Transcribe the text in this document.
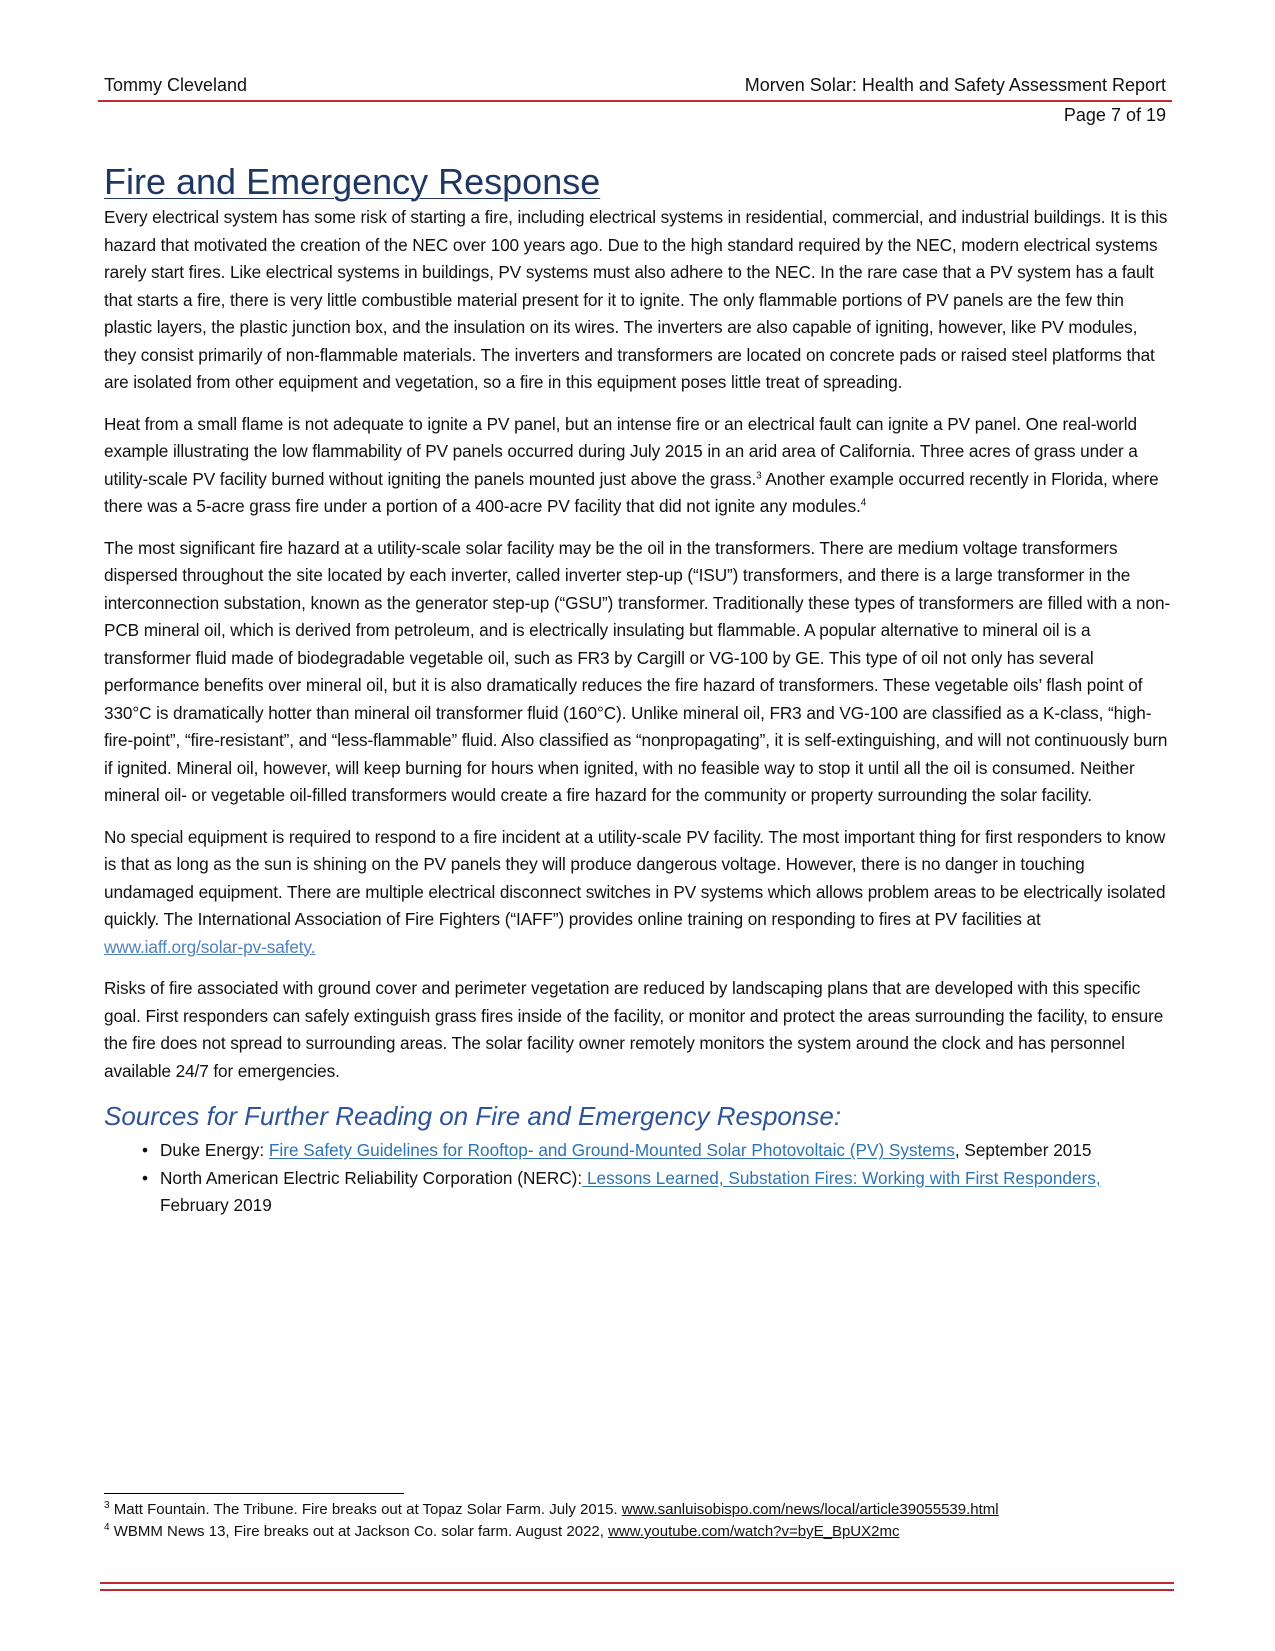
Tommy Cleveland	Morven Solar: Health and Safety Assessment Report
Page 7 of 19
Fire and Emergency Response

Every electrical system has some risk of starting a fire, including electrical systems in residential, commercial, and industrial buildings. It is this hazard that motivated the creation of the NEC over 100 years ago. Due to the high standard required by the NEC, modern electrical systems rarely start fires. Like electrical systems in buildings, PV systems must also adhere to the NEC. In the rare case that a PV system has a fault that starts a fire, there is very little combustible material present for it to ignite. The only flammable portions of PV panels are the few thin plastic layers, the plastic junction box, and the insulation on its wires. The inverters are also capable of igniting, however, like PV modules, they consist primarily of non-flammable materials. The inverters and transformers are located on concrete pads or raised steel platforms that are isolated from other equipment and vegetation, so a fire in this equipment poses little treat of spreading.

Heat from a small flame is not adequate to ignite a PV panel, but an intense fire or an electrical fault can ignite a PV panel. One real-world example illustrating the low flammability of PV panels occurred during July 2015 in an arid area of California. Three acres of grass under a utility-scale PV facility burned without igniting the panels mounted just above the grass.$^3$ Another example occurred recently in Florida, where there was a 5-acre grass fire under a portion of a 400-acre PV facility that did not ignite any modules.$^4$

The most significant fire hazard at a utility-scale solar facility may be the oil in the transformers. There are medium voltage transformers dispersed throughout the site located by each inverter, called inverter step-up (“ISU”) transformers, and there is a large transformer in the interconnection substation, known as the generator step-up (“GSU”) transformer. Traditionally these types of transformers are filled with a non-PCB mineral oil, which is derived from petroleum, and is electrically insulating but flammable. A popular alternative to mineral oil is a transformer fluid made of biodegradable vegetable oil, such as FR3 by Cargill or VG-100 by GE. This type of oil not only has several performance benefits over mineral oil, but it is also dramatically reduces the fire hazard of transformers. These vegetable oils’ flash point of 330°C is dramatically hotter than mineral oil transformer fluid (160°C). Unlike mineral oil, FR3 and VG-100 are classified as a K-class, “high-fire-point”, “fire-resistant”, and “less-flammable” fluid. Also classified as “nonpropagating”, it is self-extinguishing, and will not continuously burn if ignited. Mineral oil, however, will keep burning for hours when ignited, with no feasible way to stop it until all the oil is consumed. Neither mineral oil- or vegetable oil-filled transformers would create a fire hazard for the community or property surrounding the solar facility.

No special equipment is required to respond to a fire incident at a utility-scale PV facility. The most important thing for first responders to know is that as long as the sun is shining on the PV panels they will produce dangerous voltage. However, there is no danger in touching undamaged equipment. There are multiple electrical disconnect switches in PV systems which allows problem areas to be electrically isolated quickly. The International Association of Fire Fighters (“IAFF”) provides online training on responding to fires at PV facilities at www.iaff.org/solar-pv-safety.

Risks of fire associated with ground cover and perimeter vegetation are reduced by landscaping plans that are developed with this specific goal. First responders can safely extinguish grass fires inside of the facility, or monitor and protect the areas surrounding the facility, to ensure the fire does not spread to surrounding areas. The solar facility owner remotely monitors the system around the clock and has personnel available 24/7 for emergencies.

Sources for Further Reading on Fire and Emergency Response:
• Duke Energy: Fire Safety Guidelines for Rooftop- and Ground-Mounted Solar Photovoltaic (PV) Systems, September 2015
• North American Electric Reliability Corporation (NERC): Lessons Learned, Substation Fires: Working with First Responders, February 2019
$^3$ Matt Fountain. The Tribune. Fire breaks out at Topaz Solar Farm. July 2015. www.sanluisobispo.com/news/local/article39055539.html
$^4$ WBMM News 13, Fire breaks out at Jackson Co. solar farm. August 2022, www.youtube.com/watch?v=byE_BpUX2mc
